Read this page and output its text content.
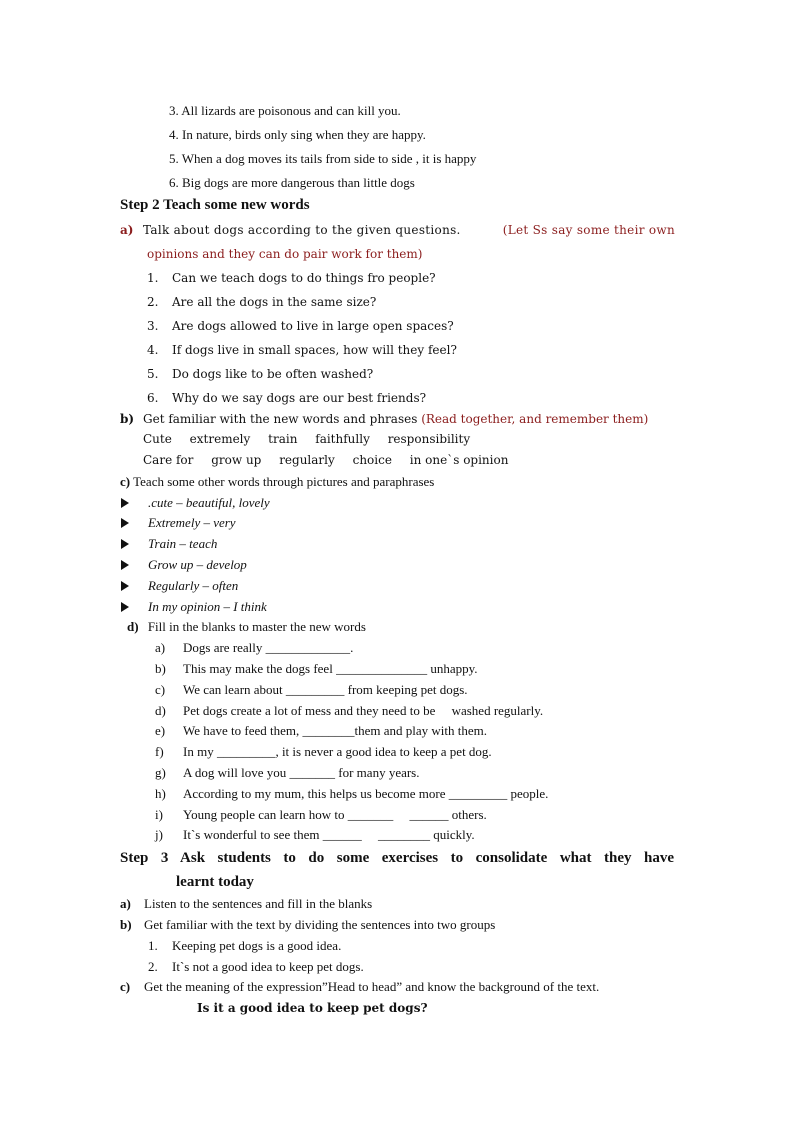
3. All lizards are poisonous and can kill you.
4. In nature, birds only sing when they are happy.
5. When a dog moves its tails from side to side , it is happy
6. Big dogs are more dangerous than little dogs
Step 2 Teach some new words
a) Talk about dogs according to the given questions.	(Let Ss say some their own
opinions and they can do pair work for them)
1. Can we teach dogs to do things fro people?
2. Are all the dogs in the same size?
3. Are dogs allowed to live in large open spaces?
4. If dogs live in small spaces, how will they feel?
5. Do dogs like to be often washed?
6. Why do we say dogs are our best friends?
b) Get familiar with the new words and phrases (Read together, and remember them)
Cute extremely train faithfully responsibility
Care for grow up regularly choice in one`s opinion
c) Teach some other words through pictures and paraphrases
.cute – beautiful, lovely
Extremely – very
Train – teach
Grow up – develop
Regularly – often
In my opinion – I think
d) Fill in the blanks to master the new words
a) Dogs are really _____________.
b) This may make the dogs feel ______________ unhappy.
c) We can learn about _________ from keeping pet dogs.
d) Pet dogs create a lot of mess and they need to be     washed regularly.
e) We have to feed them, ________them and play with them.
f) In my _________, it is never a good idea to keep a pet dog.
g) A dog will love you _______ for many years.
h) According to my mum, this helps us become more _________ people.
i) Young people can learn how to _______     ______ others.
j) It`s wonderful to see them ______     ________ quickly.
Step 3 Ask students to do some exercises to consolidate what they have
learnt today
a) Listen to the sentences and fill in the blanks
b) Get familiar with the text by dividing the sentences into two groups
1. Keeping pet dogs is a good idea.
2. It`s not a good idea to keep pet dogs.
c) Get the meaning of the expression”Head to head” and know the background of the text.
Is it a good idea to keep pet dogs?
